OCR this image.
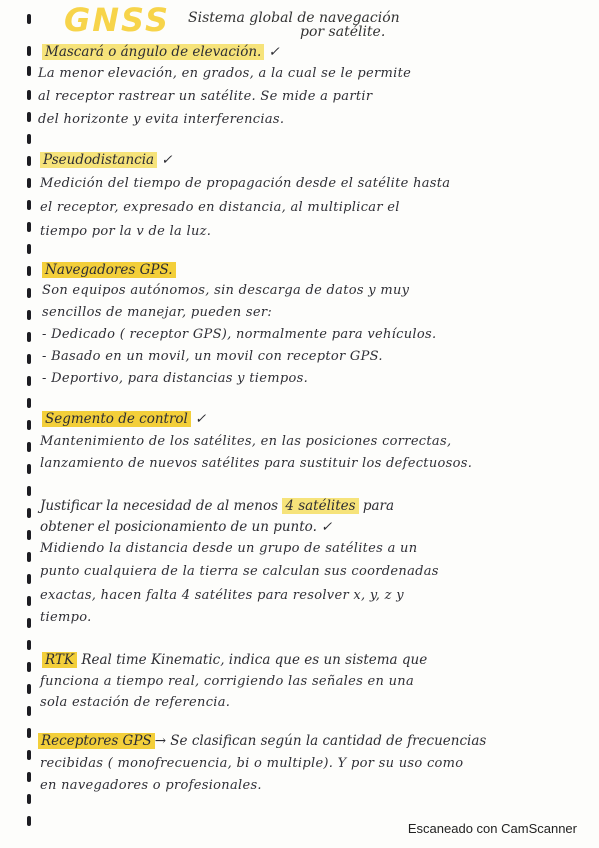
GNSS Sistema global de navegación
por satélite.
Mascará o ángulo de elevación. ✓
La menor elevación, en grados, a la cual se le permite
al receptor rastrear un satélite. Se mide a partir
del horizonte y evita interferencias.
Pseudodistancia ✓
Medición del tiempo de propagación desde el satélite hasta
el receptor, expresado en distancia, al multiplicar el
tiempo por la v de la luz.
Navegadores GPS.
Son equipos autónomos, sin descarga de datos y muy
sencillos de manejar, pueden ser:
- Dedicado ( receptor GPS), normalmente para vehículos.
- Basado en un movil, un movil con receptor GPS.
- Deportivo, para distancias y tiempos.
Segmento de control ✓
Mantenimiento de los satélites, en las posiciones correctas,
lanzamiento de nuevos satélites para sustituir los defectuosos.
Justificar la necesidad de al menos 4 satélites para
obtener el posicionamiento de un punto. ✓
Midiendo la distancia desde un grupo de satélites a un
punto cualquiera de la tierra se calculan sus coordenadas
exactas, hacen falta 4 satélites para resolver x, y, z y
tiempo.
RTK Real time Kinematic, indica que es un sistema que
funciona a tiempo real, corrigiendo las señales en una
sola estación de referencia.
Receptores GPS → Se clasifican según la cantidad de frecuencias
recibidas ( monofrecuencia, bi o multiple). Y por su uso como
en navegadores o profesionales.
Escaneado con CamScanner
